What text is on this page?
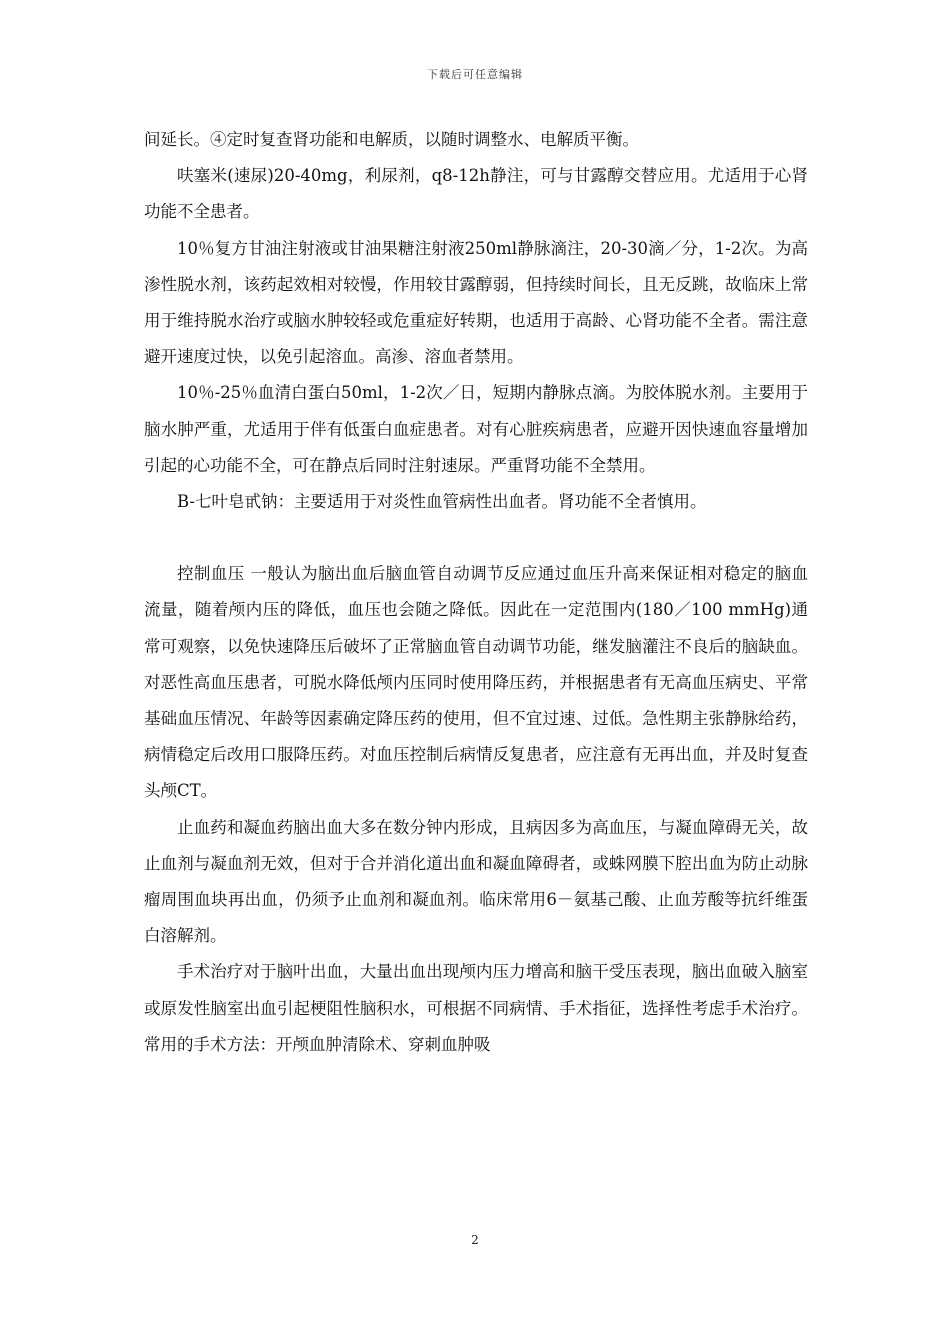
下载后可任意编辑

间延长。④定时复查肾功能和电解质，以随时调整水、电解质平衡。

呋塞米(速尿)20-40mg，利尿剂，q8-12h静注，可与甘露醇交替应用。尤适用于心肾功能不全患者。

10％复方甘油注射液或甘油果糖注射液250ml静脉滴注，20-30滴／分，1-2次。为高渗性脱水剂，该药起效相对较慢，作用较甘露醇弱，但持续时间长，且无反跳，故临床上常用于维持脱水治疗或脑水肿较轻或危重症好转期，也适用于高龄、心肾功能不全者。需注意避开速度过快，以免引起溶血。高渗、溶血者禁用。

10％-25％血清白蛋白50ml，1-2次／日，短期内静脉点滴。为胶体脱水剂。主要用于脑水肿严重，尤适用于伴有低蛋白血症患者。对有心脏疾病患者，应避开因快速血容量增加引起的心功能不全，可在静点后同时注射速尿。严重肾功能不全禁用。

B-七叶皂甙钠：主要适用于对炎性血管病性出血者。肾功能不全者慎用。

控制血压 一般认为脑出血后脑血管自动调节反应通过血压升高来保证相对稳定的脑血流量，随着颅内压的降低，血压也会随之降低。因此在一定范围内(180／100 mmHg)通常可观察，以免快速降压后破坏了正常脑血管自动调节功能，继发脑灌注不良后的脑缺血。对恶性高血压患者，可脱水降低颅内压同时使用降压药，并根据患者有无高血压病史、平常基础血压情况、年龄等因素确定降压药的使用，但不宜过速、过低。急性期主张静脉给药，病情稳定后改用口服降压药。对血压控制后病情反复患者，应注意有无再出血，并及时复查头颅CT。

止血药和凝血药脑出血大多在数分钟内形成，且病因多为高血压，与凝血障碍无关，故止血剂与凝血剂无效，但对于合并消化道出血和凝血障碍者，或蛛网膜下腔出血为防止动脉瘤周围血块再出血，仍须予止血剂和凝血剂。临床常用6－氨基己酸、止血芳酸等抗纤维蛋白溶解剂。

手术治疗对于脑叶出血，大量出血出现颅内压力增高和脑干受压表现，脑出血破入脑室或原发性脑室出血引起梗阻性脑积水，可根据不同病情、手术指征，选择性考虑手术治疗。常用的手术方法：开颅血肿清除术、穿刺血肿吸

2
